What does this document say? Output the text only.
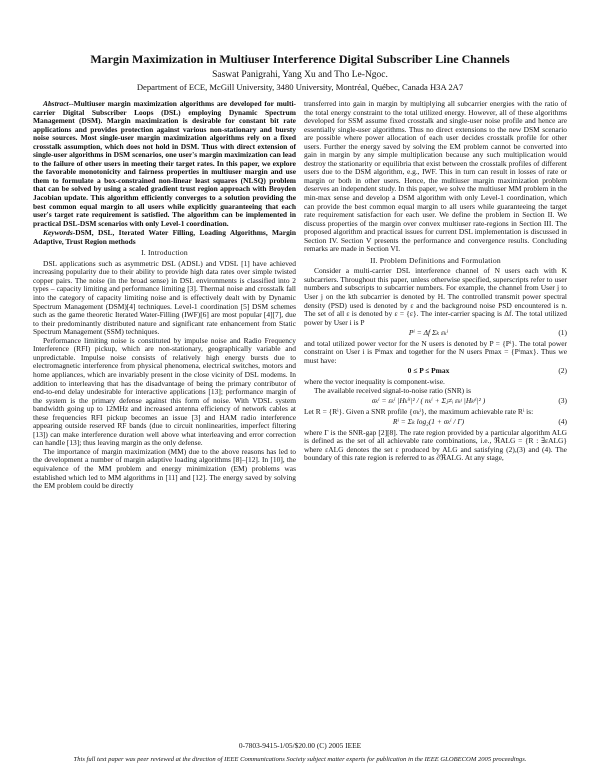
Margin Maximization in Multiuser Interference Digital Subscriber Line Channels
Saswat Panigrahi, Yang Xu and Tho Le-Ngoc.
Department of ECE, McGill University, 3480 University, Montréal, Québec, Canada H3A 2A7

Abstract--Multiuser margin maximization algorithms are developed for multi-carrier Digital Subscriber Loops (DSL) employing Dynamic Spectrum Management (DSM). Margin maximization is desirable for constant bit rate applications and provides protection against various non-stationary and bursty noise sources. Most single-user margin maximization algorithms rely on a fixed crosstalk assumption, which does not hold in DSM. Thus with direct extension of single-user algorithms in DSM scenarios, one user's margin maximization can lead to the failure of other users in meeting their target rates. In this paper, we explore the favorable monotonicity and fairness properties in multiuser margin and use them to formulate a box-constrained non-linear least squares (NLSQ) problem that can be solved by using a scaled gradient trust region approach with Broyden Jacobian update. This algorithm efficiently converges to a solution providing the best common equal margin to all users while explicitly guaranteeing that each user's target rate requirement is satisfied. The algorithm can be implemented in practical DSL-DSM scenarios with only Level-1 coordination.

Keywords-DSM, DSL, Iterated Water Filling, Loading Algorithms, Margin Adaptive, Trust Region methods

I. Introduction

DSL applications such as asymmetric DSL (ADSL) and VDSL [1] have achieved increasing popularity due to their ability to provide high data rates over simple twisted copper pairs. The noise (in the broad sense) in DSL environments is classified into 2 types – capacity limiting and performance limiting [3]. Thermal noise and crosstalk fall into the category of capacity limiting noise and is effectively dealt with by Dynamic Spectrum Management (DSM)[4] techniques. Level-1 coordination [5] DSM schemes such as the game theoretic Iterated Water-Filling (IWF)[6] are most popular [4][7], due to their predominantly distributed nature and significant rate enhancement from Static Spectrum Management (SSM) techniques.

Performance limiting noise is constituted by impulse noise and Radio Frequency Interference (RFI) pickup, which are non-stationary, geographically variable and unpredictable. Impulse noise consists of relatively high energy bursts due to electromagnetic interference from physical phenomena, electrical switches, motors and home appliances, which are invariably present in the close vicinity of DSL modems. In addition to interleaving that has the disadvantage of being the primary contributor of end-to-end delay undesirable for interactive applications [13]; performance margin of the system is the primary defense against this form of noise. With VDSL system bandwidth going up to 12MHz and increased antenna efficiency of network cables at these frequencies RFI pickup becomes an issue [3] and HAM radio interference appearing outside reserved RF bands (due to circuit nonlinearities, imperfect filtering [13]) can make interference duration well above what interleaving and error correction can handle [13]; thus leaving margin as the only defense.

The importance of margin maximization (MM) due to the above reasons has led to the development a number of margin adaptive loading algorithms [8]–[12]. In [10], the equivalence of the MM problem and energy minimization (EM) problems was established which led to MM algorithms in [11] and [12]. The energy saved by solving the EM problem could be directly

transferred into gain in margin by multiplying all subcarrier energies with the ratio of the total energy constraint to the total utilized energy. However, all of these algorithms developed for SSM assume fixed crosstalk and single-user noise profile and hence are essentially single-user algorithms. Thus no direct extensions to the new DSM scenario are possible where power allocation of each user decides crosstalk profile for other users. Further the energy saved by solving the EM problem cannot be converted into gain in margin by any simple multiplication because any such multiplication would destroy the stationarity or equilibria that exist between the crosstalk profiles of different users due to the DSM algorithm, e.g., IWF. This in turn can result in losses of rate or margin or both in other users. Hence, the multiuser margin maximization problem deserves an independent study. In this paper, we solve the multiuser MM problem in the min-max sense and develop a DSM algorithm with only Level-1 coordination, which can provide the best common equal margin to all users while guaranteeing the target rate requirement satisfaction for each user. We define the problem in Section II. We discuss properties of the margin over convex multiuser rate-regions in Section III. The proposed algorithm and practical issues for current DSL implementation is discussed in Section IV. Section V presents the performance and convergence results. Concluding remarks are made in Section VI.

II. Problem Definitions and Formulation

Consider a multi-carrier DSL interference channel of N users each with K subcarriers. Throughout this paper, unless otherwise specified, superscripts refer to user numbers and subscripts to subcarrier numbers. For example, the channel from User j to User j on the kth subcarrier is denoted by H. The controlled transmit power spectral density (PSD) used is denoted by ε and the background noise PSD encountered is n. The set of all ε is denoted by ε = {ε}. The inter-carrier spacing is Δf. The total utilized power by User i is P

Pⁱ = Δf Σₖ εₖⁱ	(1)

and total utilized power vector for the N users is denoted by P = {Pⁱ}. The total power constraint on User i is Pⁱmax and together for the N users Pmax = {Pⁱmax}. Thus we must have:

0 ≤ P ≤ Pmax	(2)

where the vector inequality is component-wise.

The available received signal-to-noise ratio (SNR) is

σₖⁱ = εₖⁱ |Hₖⁱⁱ|² / ( nₖⁱ + Σⱼ≠ᵢ εₖʲ |Hₖʲⁱ|² )	(3)

Let R = {Rⁱ}. Given a SNR profile {σₖⁱ}, the maximum achievable rate Rⁱ is:

Rⁱ = Σₖ log₂(1 + σₖⁱ / Γ)	(4)

where Γ is the SNR-gap [2][8]. The rate region provided by a particular algorithm ALG is defined as the set of all achievable rate combinations, i.e., ℜALG = {R : ∃εALG} where εALG denotes the set ε produced by ALG and satisfying (2),(3) and (4). The boundary of this rate region is referred to as ∂ℜALG. At any stage,

0-7803-9415-1/05/$20.00 (C) 2005 IEEE
This full text paper was peer reviewed at the direction of IEEE Communications Society subject matter experts for publication in the IEEE GLOBECOM 2005 proceedings.
